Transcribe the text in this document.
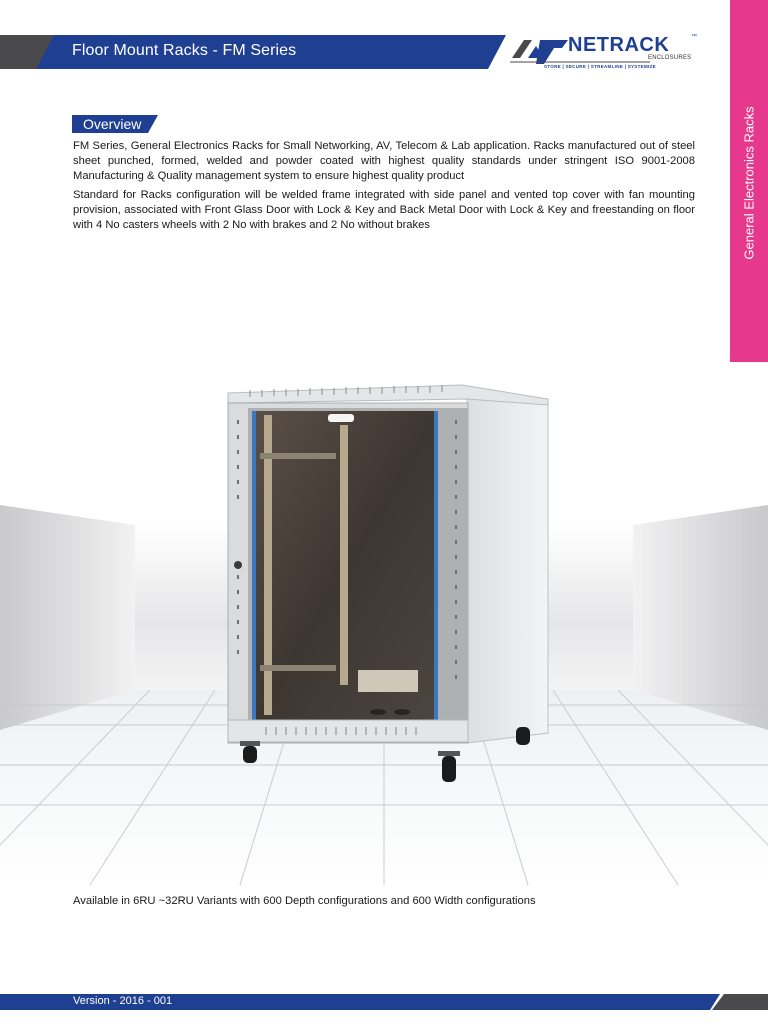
Floor Mount Racks - FM Series	NETRACK	™
ENCLOSURES
STORE | SECURE | STREAMLINE | SYSTEMIZE
General Electronics Racks
Overview

FM Series, General Electronics Racks for Small Networking, AV, Telecom & Lab application. Racks manufactured out of steel sheet punched, formed, welded and powder coated with highest quality standards under stringent ISO 9001-2008 Manufacturing & Quality management system to ensure highest quality product

Standard for Racks configuration will be welded frame integrated with side panel and vented top cover with fan mounting provision, associated with Front Glass Door with Lock & Key and Back Metal Door with Lock & Key and freestanding on floor with 4 No casters wheels with 2 No with brakes and 2 No without brakes

Available in 6RU ~32RU Variants with 600 Depth configurations and 600 Width configurations
Version - 2016 - 001
